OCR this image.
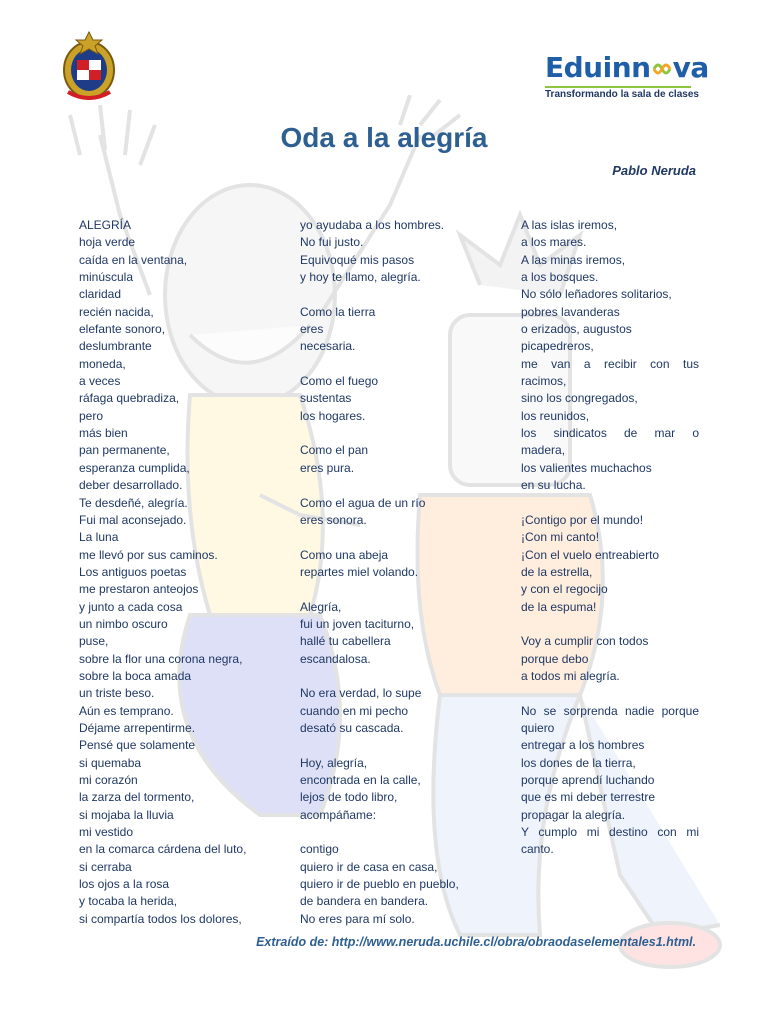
Eduinn va
Transformando la sala de clases
Oda a la alegría
Pablo Neruda
ALEGRÍA
hoja verde
caída en la ventana,
minúscula
claridad
recién nacida,
elefante sonoro,
deslumbrante
moneda,
a veces
ráfaga quebradiza,
pero
más bien
pan permanente,
esperanza cumplida,
deber desarrollado.
Te desdeñé, alegría.
Fui mal aconsejado.
La luna
me llevó por sus caminos.
Los antiguos poetas
me prestaron anteojos
y junto a cada cosa
un nimbo oscuro
puse,
sobre la flor una corona negra,
sobre la boca amada
un triste beso.
Aún es temprano.
Déjame arrepentirme.
Pensé que solamente
si quemaba
mi corazón
la zarza del tormento,
si mojaba la lluvia
mi vestido
en la comarca cárdena del luto,
si cerraba
los ojos a la rosa
y tocaba la herida,
si compartía todos los dolores,
yo ayudaba a los hombres.
No fui justo.
Equivoqué mis pasos
y hoy te llamo, alegría.
Como la tierra
eres
necesaria.
Como el fuego
sustentas
los hogares.
Como el pan
eres pura.
Como el agua de un río
eres sonora.
Como una abeja
repartes miel volando.
Alegría,
fui un joven taciturno,
hallé tu cabellera
escandalosa.
No era verdad, lo supe
cuando en mi pecho
desató su cascada.
Hoy, alegría,
encontrada en la calle,
lejos de todo libro,
acompáñame:
contigo
quiero ir de casa en casa,
quiero ir de pueblo en pueblo,
de bandera en bandera.
No eres para mí solo.
A las islas iremos,
a los mares.
A las minas iremos,
a los bosques.
No sólo leñadores solitarios,
pobres lavanderas
o erizados, augustos
picapedreros,
me van a recibir con tus
racimos,
sino los congregados,
los reunidos,
los sindicatos de mar o
madera,
los valientes muchachos
en su lucha.
¡Contigo por el mundo!
¡Con mi canto!
¡Con el vuelo entreabierto
de la estrella,
y con el regocijo
de la espuma!
Voy a cumplir con todos
porque debo
a todos mi alegría.
No se sorprenda nadie porque
quiero
entregar a los hombres
los dones de la tierra,
porque aprendí luchando
que es mi deber terrestre
propagar la alegría.
Y cumplo mi destino con mi
canto.
Extraído de: http://www.neruda.uchile.cl/obra/obraodaselementales1.html.
